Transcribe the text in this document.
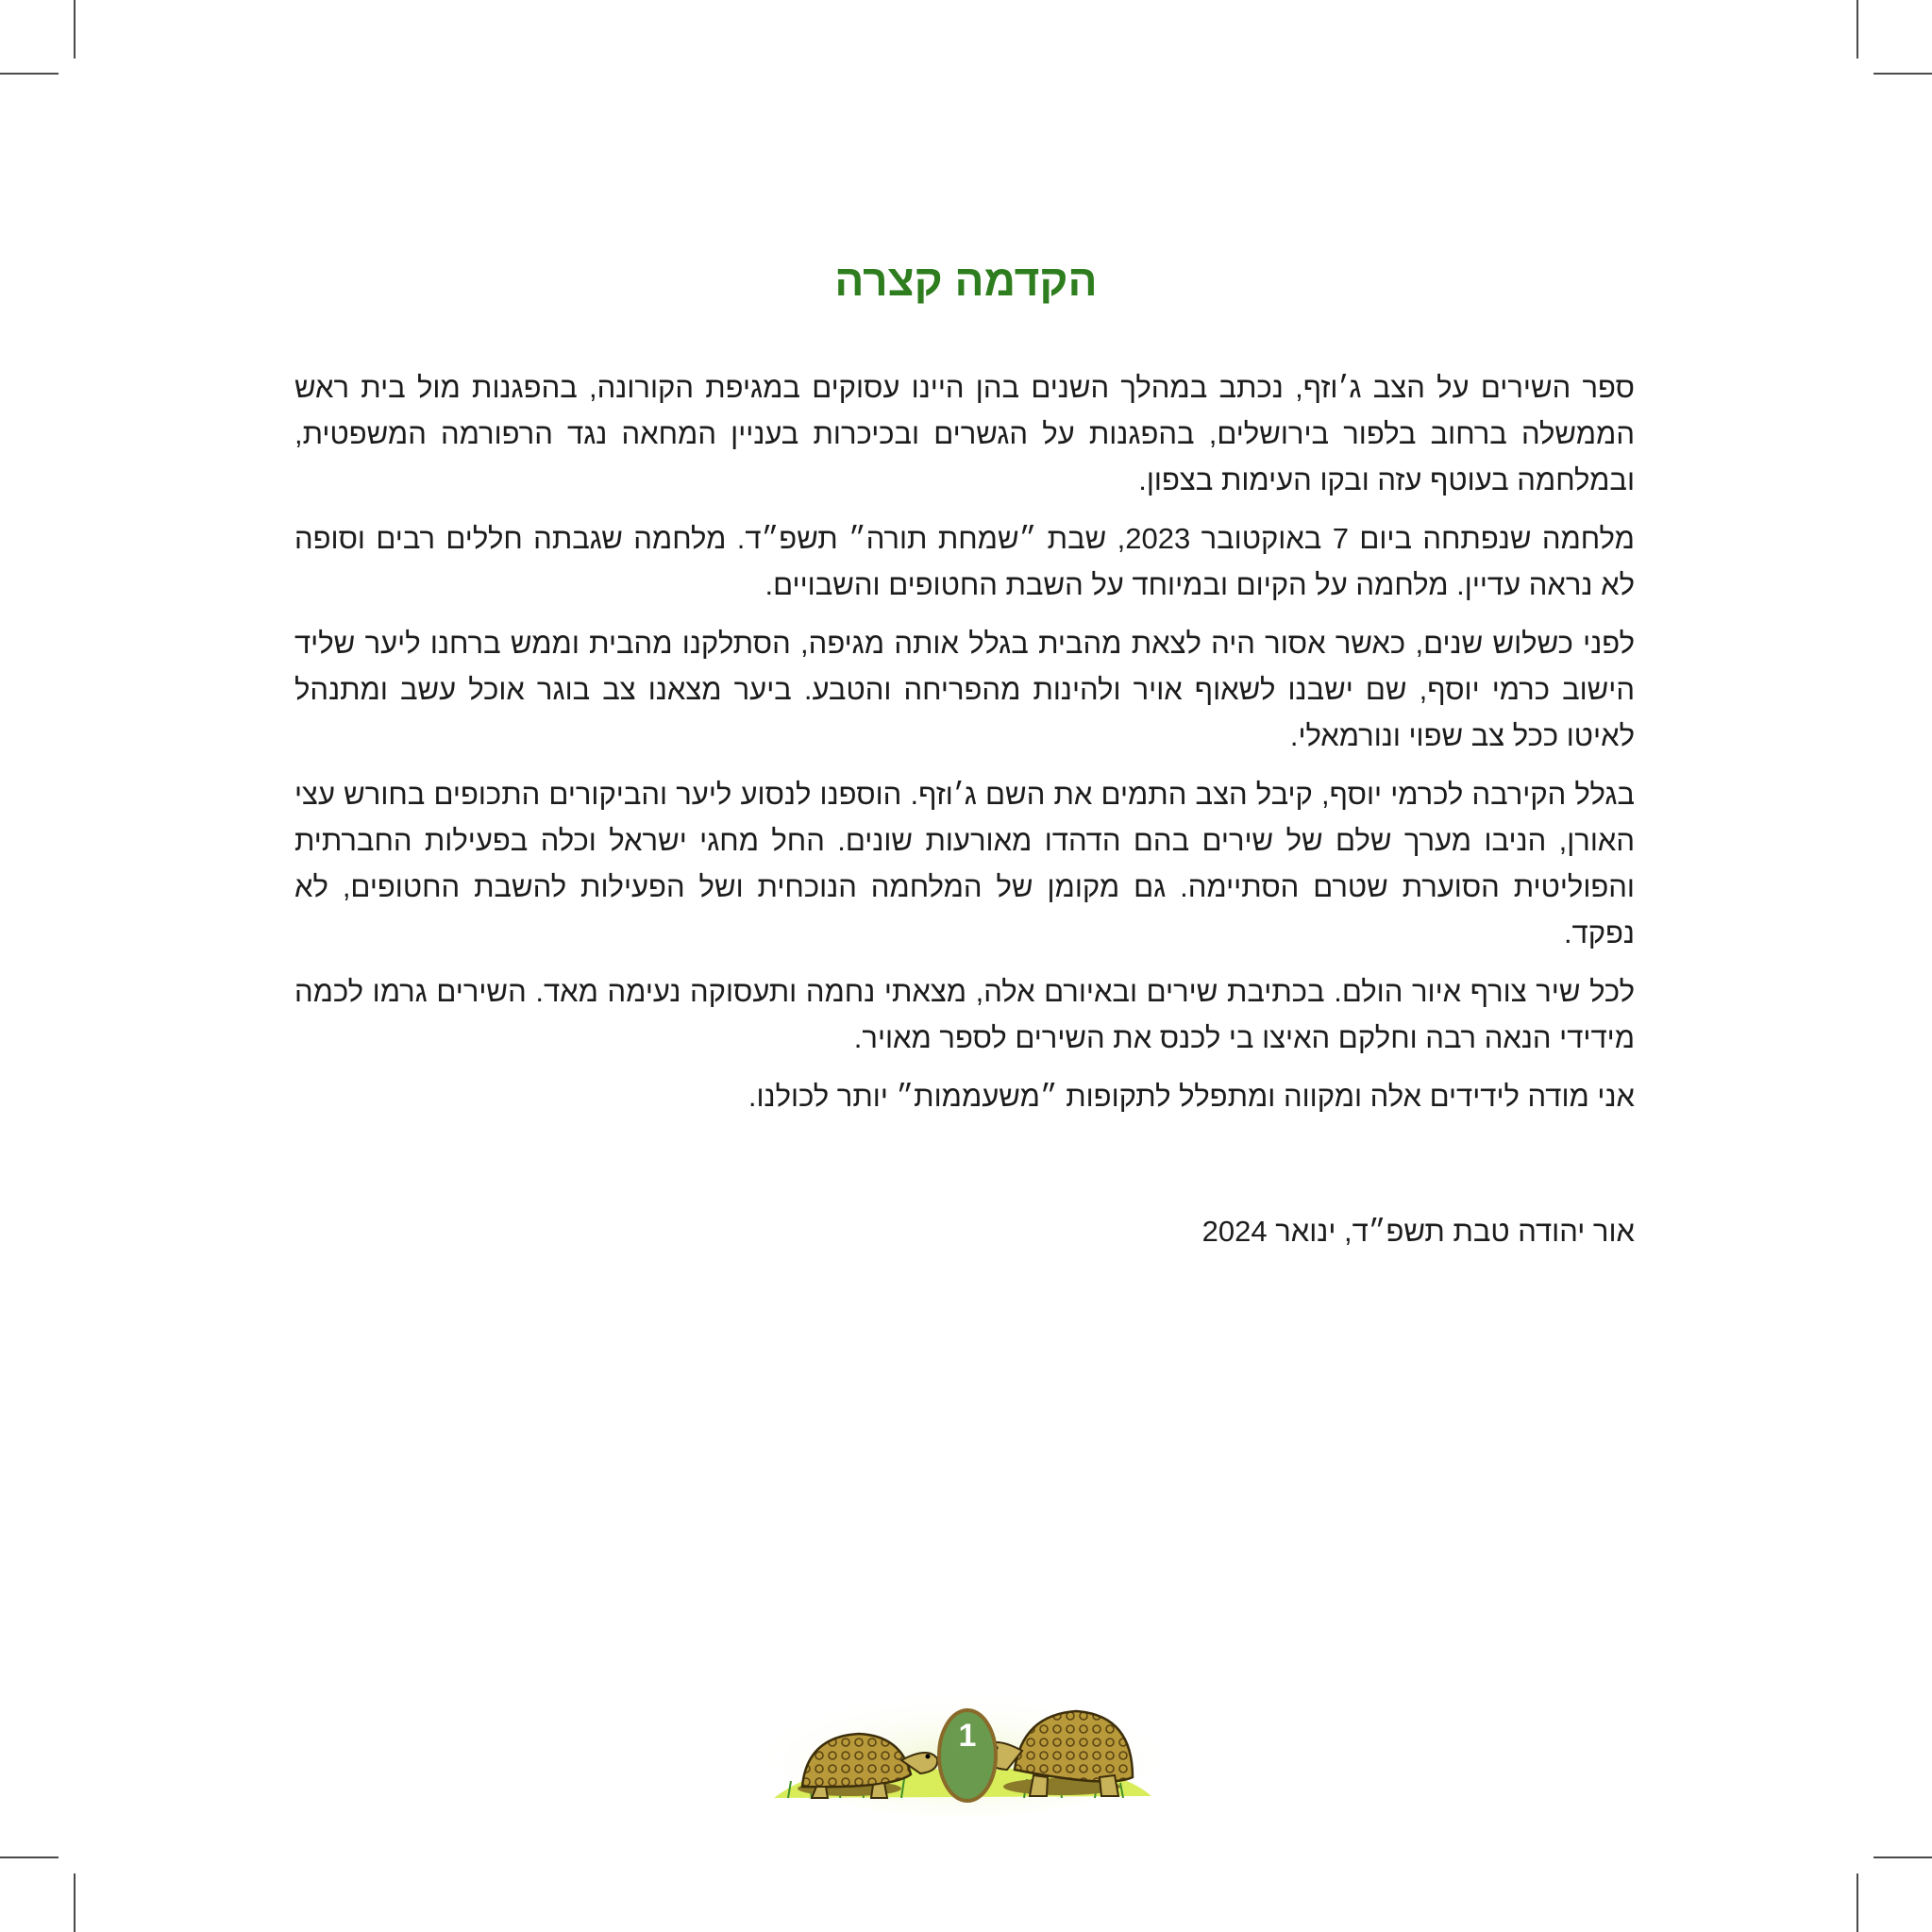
הקדמה קצרה

ספר השירים על הצב ג׳וזף, נכתב במהלך השנים בהן היינו עסוקים במגיפת הקורונה, בהפגנות מול בית ראש הממשלה ברחוב בלפור בירושלים, בהפגנות על הגשרים ובכיכרות בעניין המחאה נגד הרפורמה המשפטית, ובמלחמה בעוטף עזה ובקו העימות בצפון.

מלחמה שנפתחה ביום 7 באוקטובר 2023, שבת ״שמחת תורה״ תשפ״ד. מלחמה שגבתה חללים רבים וסופה לא נראה עדיין. מלחמה על הקיום ובמיוחד על השבת החטופים והשבויים.

לפני כשלוש שנים, כאשר אסור היה לצאת מהבית בגלל אותה מגיפה, הסתלקנו מהבית וממש ברחנו ליער שליד הישוב כרמי יוסף, שם ישבנו לשאוף אויר ולהינות מהפריחה והטבע. ביער מצאנו צב בוגר אוכל עשב ומתנהל לאיטו ככל צב שפוי ונורמאלי.

בגלל הקירבה לכרמי יוסף, קיבל הצב התמים את השם ג׳וזף. הוספנו לנסוע ליער והביקורים התכופים בחורש עצי האורן, הניבו מערך שלם של שירים בהם הדהדו מאורעות שונים. החל מחגי ישראל וכלה בפעילות החברתית והפוליטית הסוערת שטרם הסתיימה. גם מקומן של המלחמה הנוכחית ושל הפעילות להשבת החטופים, לא נפקד.

לכל שיר צורף איור הולם. בכתיבת שירים ובאיורם אלה, מצאתי נחמה ותעסוקה נעימה מאד. השירים גרמו לכמה מידידי הנאה רבה וחלקם האיצו בי לכנס את השירים לספר מאויר.

אני מודה לידידים אלה ומקווה ומתפלל לתקופות ״משעממות״ יותר לכולנו.

אור יהודה טבת תשפ״ד, ינואר 2024
1
